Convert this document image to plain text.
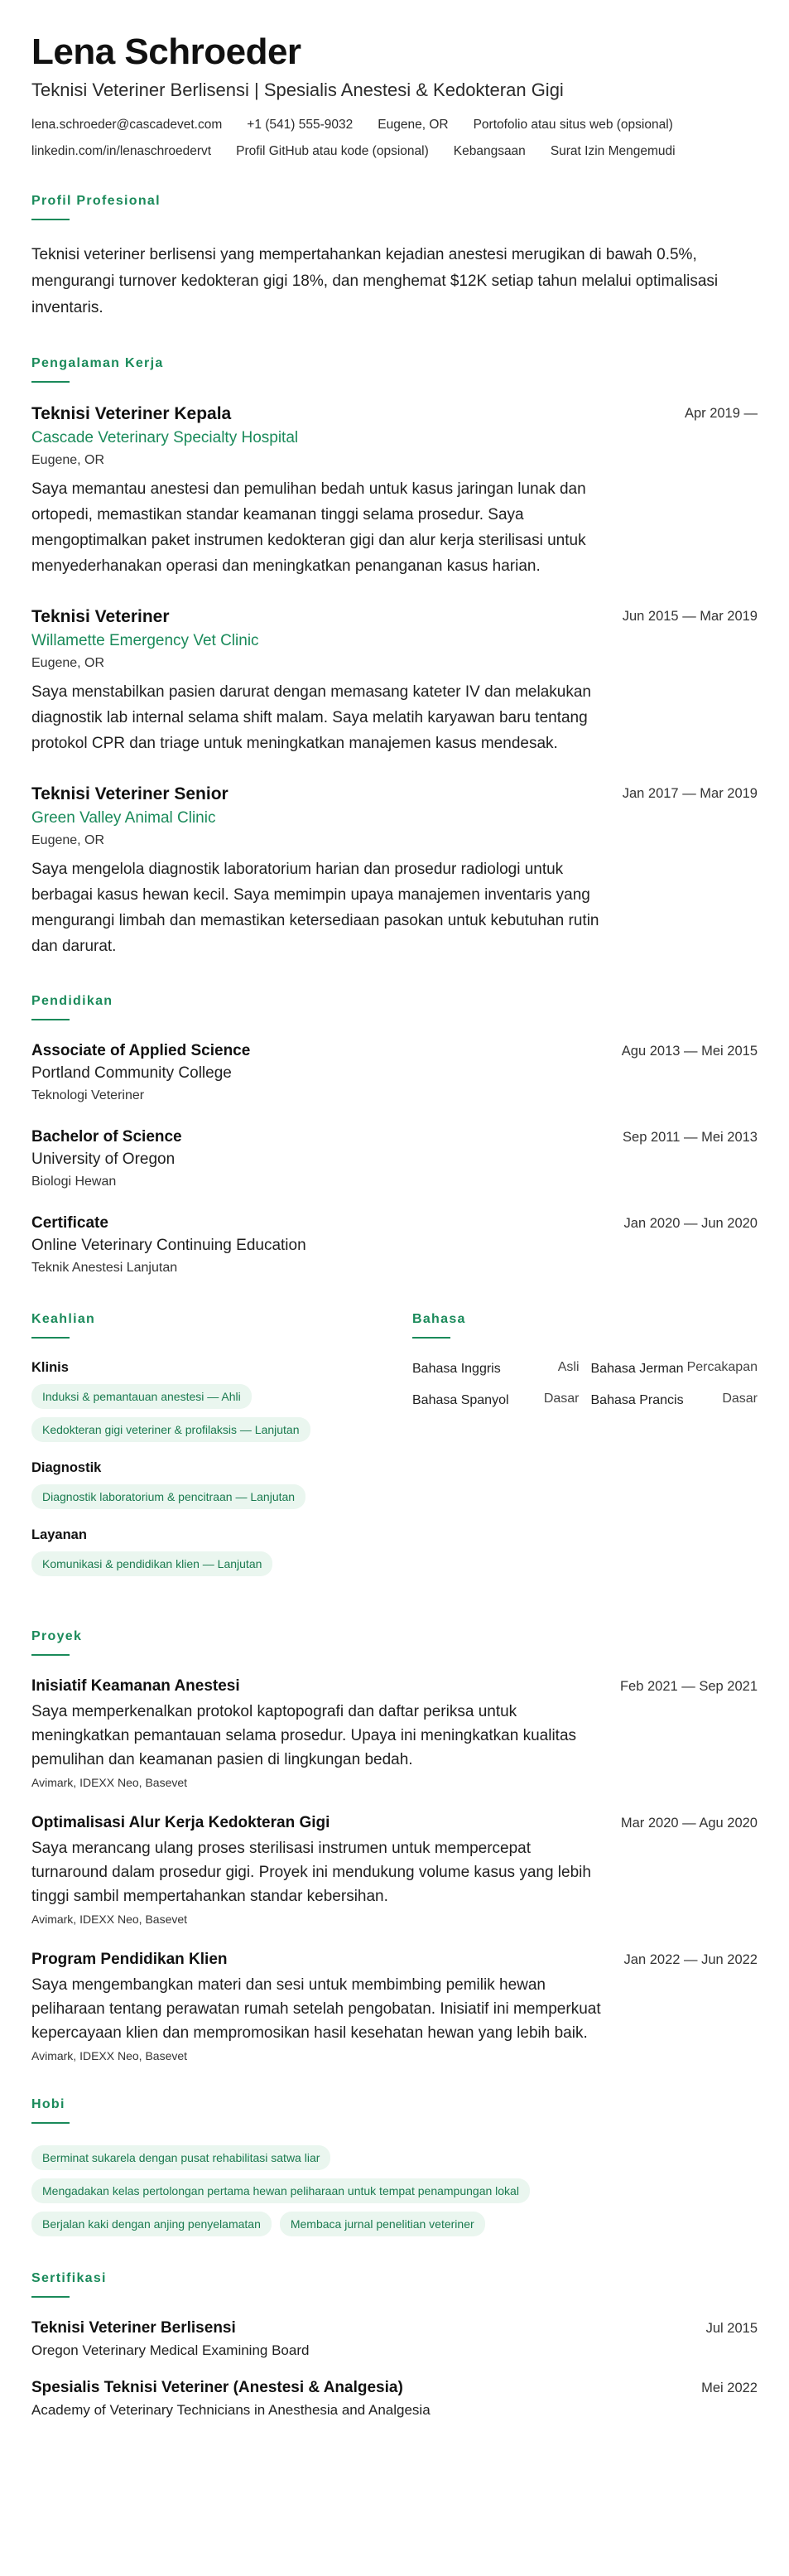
Lena Schroeder
Teknisi Veteriner Berlisensi | Spesialis Anestesi & Kedokteran Gigi
lena.schroeder@cascadevet.com +1 (541) 555-9032 Eugene, OR Portofolio atau situs web (opsional)
linkedin.com/in/lenaschroedervt Profil GitHub atau kode (opsional) Kebangsaan Surat Izin Mengemudi
Profil Profesional
Teknisi veteriner berlisensi yang mempertahankan kejadian anestesi merugikan di bawah 0.5%, mengurangi turnover kedokteran gigi 18%, dan menghemat $12K setiap tahun melalui optimalisasi inventaris.
Pengalaman Kerja
Teknisi Veteriner Kepala	Apr 2019 —
Cascade Veterinary Specialty Hospital
Eugene, OR
Saya memantau anestesi dan pemulihan bedah untuk kasus jaringan lunak dan ortopedi, memastikan standar keamanan tinggi selama prosedur. Saya mengoptimalkan paket instrumen kedokteran gigi dan alur kerja sterilisasi untuk menyederhanakan operasi dan meningkatkan penanganan kasus harian.
Teknisi Veteriner	Jun 2015 — Mar 2019
Willamette Emergency Vet Clinic
Eugene, OR
Saya menstabilkan pasien darurat dengan memasang kateter IV dan melakukan diagnostik lab internal selama shift malam. Saya melatih karyawan baru tentang protokol CPR dan triage untuk meningkatkan manajemen kasus mendesak.
Teknisi Veteriner Senior	Jan 2017 — Mar 2019
Green Valley Animal Clinic
Eugene, OR
Saya mengelola diagnostik laboratorium harian dan prosedur radiologi untuk berbagai kasus hewan kecil. Saya memimpin upaya manajemen inventaris yang mengurangi limbah dan memastikan ketersediaan pasokan untuk kebutuhan rutin dan darurat.
Pendidikan
Associate of Applied Science	Agu 2013 — Mei 2015
Portland Community College
Teknologi Veteriner
Bachelor of Science	Sep 2011 — Mei 2013
University of Oregon
Biologi Hewan
Certificate	Jan 2020 — Jun 2020
Online Veterinary Continuing Education
Teknik Anestesi Lanjutan
Keahlian
Klinis
Induksi & pemantauan anestesi — Ahli
Kedokteran gigi veteriner & profilaksis — Lanjutan
Diagnostik
Diagnostik laboratorium & pencitraan — Lanjutan
Layanan
Komunikasi & pendidikan klien — Lanjutan
Bahasa
Bahasa Inggris	Asli Bahasa Jerman Percakapan
Bahasa Spanyol	Dasar Bahasa Prancis	Dasar
Proyek
Inisiatif Keamanan Anestesi	Feb 2021 — Sep 2021
Saya memperkenalkan protokol kaptopografi dan daftar periksa untuk meningkatkan pemantauan selama prosedur. Upaya ini meningkatkan kualitas pemulihan dan keamanan pasien di lingkungan bedah.
Avimark, IDEXX Neo, Basevet
Optimalisasi Alur Kerja Kedokteran Gigi	Mar 2020 — Agu 2020
Saya merancang ulang proses sterilisasi instrumen untuk mempercepat turnaround dalam prosedur gigi. Proyek ini mendukung volume kasus yang lebih tinggi sambil mempertahankan standar kebersihan.
Avimark, IDEXX Neo, Basevet
Program Pendidikan Klien	Jan 2022 — Jun 2022
Saya mengembangkan materi dan sesi untuk membimbing pemilik hewan peliharaan tentang perawatan rumah setelah pengobatan. Inisiatif ini memperkuat kepercayaan klien dan mempromosikan hasil kesehatan hewan yang lebih baik.
Avimark, IDEXX Neo, Basevet
Hobi
Berminat sukarela dengan pusat rehabilitasi satwa liar
Mengadakan kelas pertolongan pertama hewan peliharaan untuk tempat penampungan lokal
Berjalan kaki dengan anjing penyelamatan	Membaca jurnal penelitian veteriner
Sertifikasi
Teknisi Veteriner Berlisensi	Jul 2015
Oregon Veterinary Medical Examining Board
Spesialis Teknisi Veteriner (Anestesi & Analgesia)	Mei 2022
Academy of Veterinary Technicians in Anesthesia and Analgesia
